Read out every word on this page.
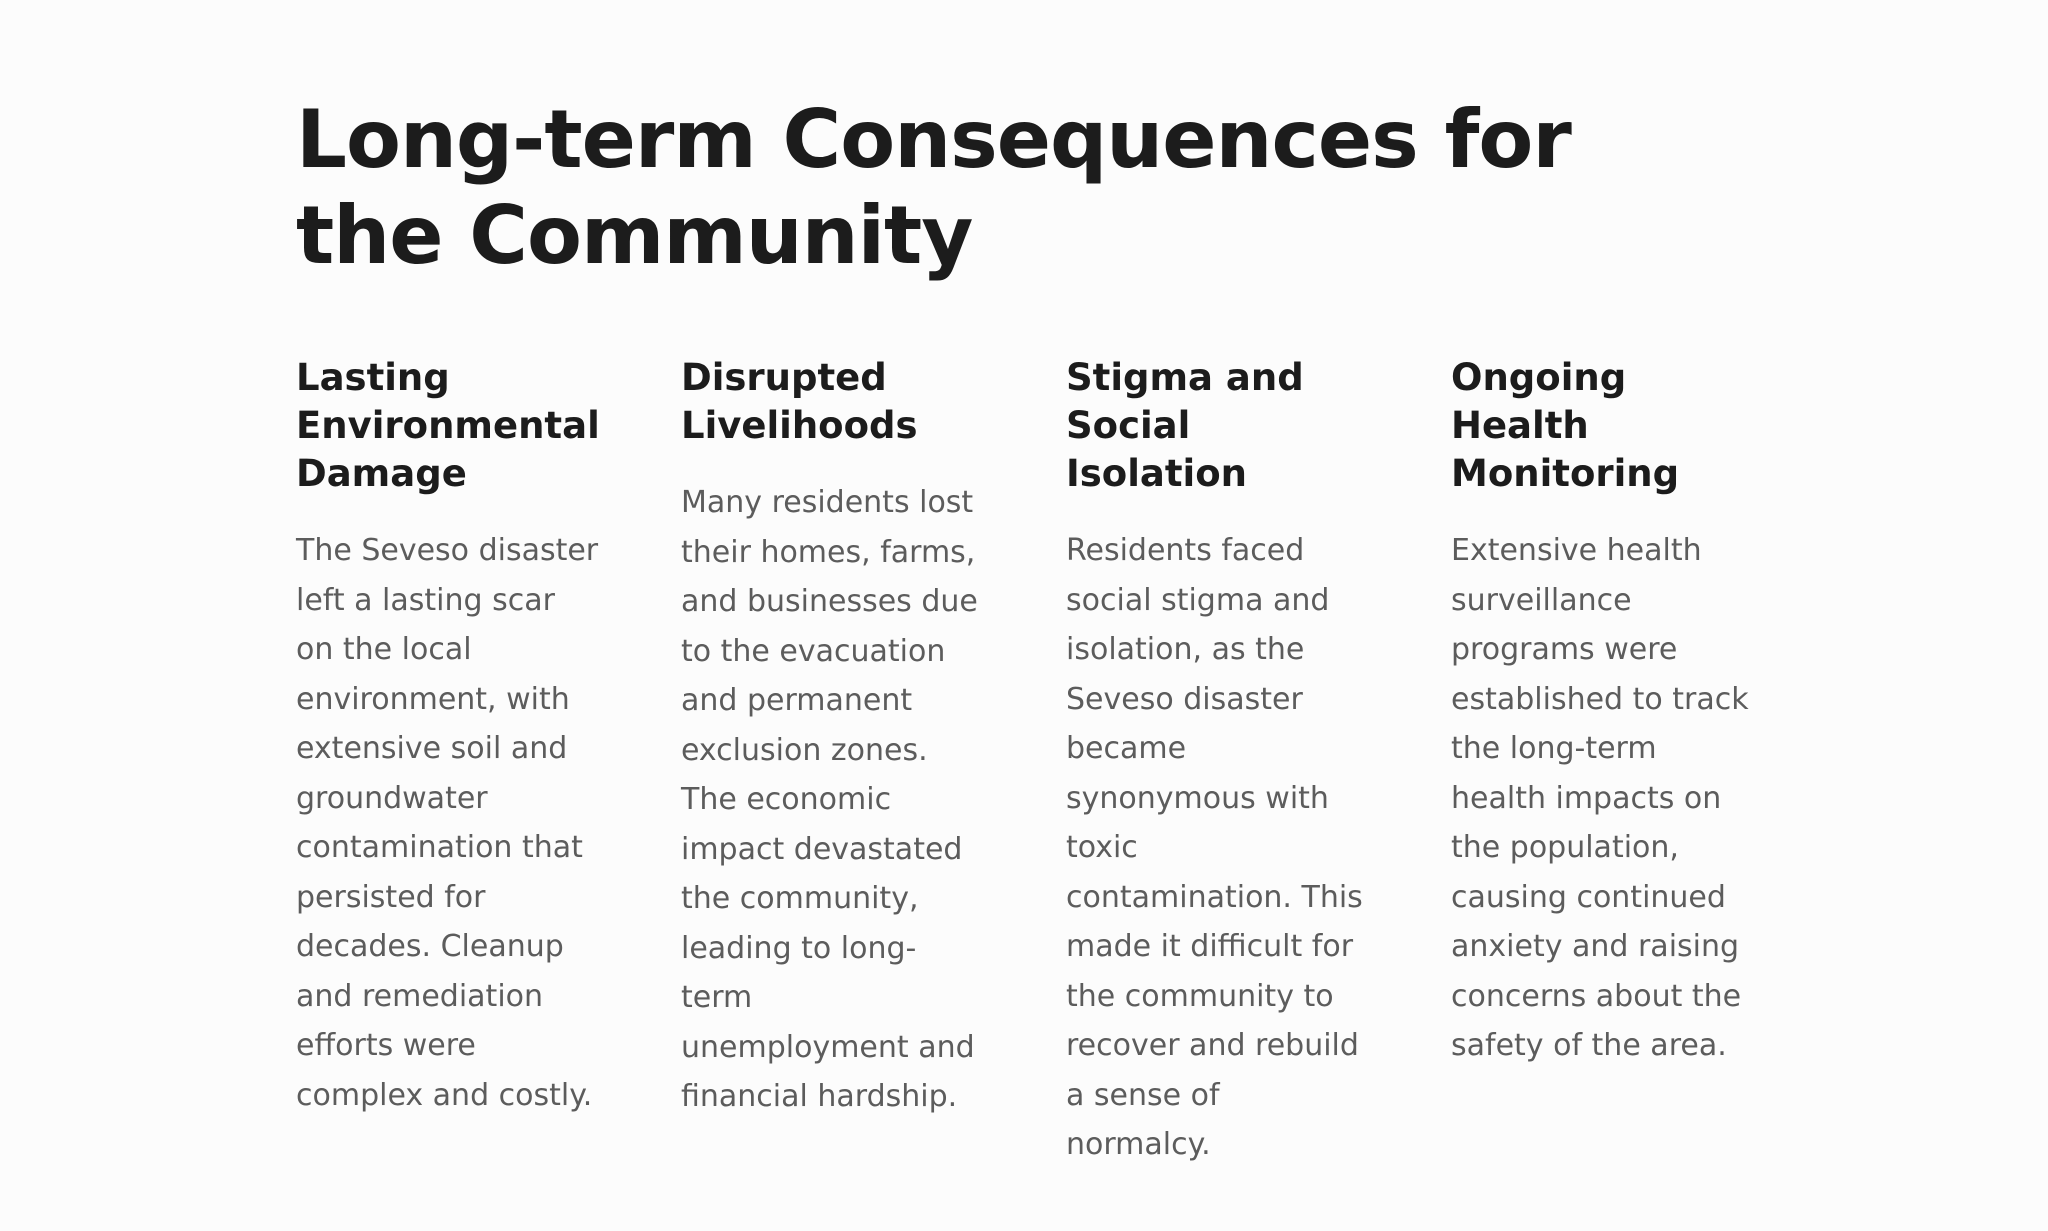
Long-term Consequences for the Community
Lasting Environmental Damage

The Seveso disaster left a lasting scar on the local environment, with extensive soil and groundwater contamination that persisted for decades. Cleanup and remediation efforts were complex and costly.

Disrupted Livelihoods

Many residents lost their homes, farms, and businesses due to the evacuation and permanent exclusion zones. The economic impact devastated the community, leading to long-term unemployment and financial hardship.

Stigma and Social Isolation

Residents faced social stigma and isolation, as the Seveso disaster became synonymous with toxic contamination. This made it difficult for the community to recover and rebuild a sense of normalcy.

Ongoing Health Monitoring

Extensive health surveillance programs were established to track the long-term health impacts on the population, causing continued anxiety and raising concerns about the safety of the area.
